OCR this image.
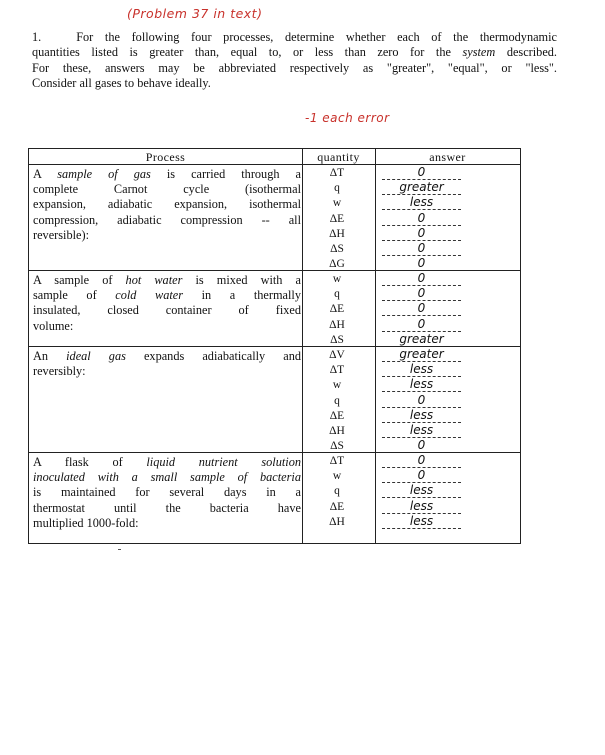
(Problem 37 in text)
1.	For the following four processes, determine whether each of the thermodynamic
quantities listed is greater than, equal to, or less than zero for the system described.
For these, answers may be abbreviated respectively as "greater", "equal", or "less".
Consider all gases to behave ideally.
-1 each error
Process	quantity	answer
A sample of gas is carried through a
complete Carnot cycle (isothermal
expansion, adiabatic expansion, isothermal
compression, adiabatic compression -- all
reversible):
ΔT	0
q	greater
w	less
ΔE	0
ΔH	0
ΔS	0
ΔG	0
A sample of hot water is mixed with a
sample of cold water in a thermally
insulated, closed container of fixed
volume:
w	0
q	0
ΔE	0
ΔH	0
ΔS	greater
An ideal gas expands adiabatically and
reversibly:
ΔV	greater
ΔT	less
w	less
q	0
ΔE	less
ΔH	less
ΔS	0
A flask of liquid nutrient solution
inoculated with a small sample of bacteria
is maintained for several days in a
thermostat until the bacteria have
multiplied 1000-fold:
ΔT	0
w	0
q	less
ΔE	less
ΔH	less
